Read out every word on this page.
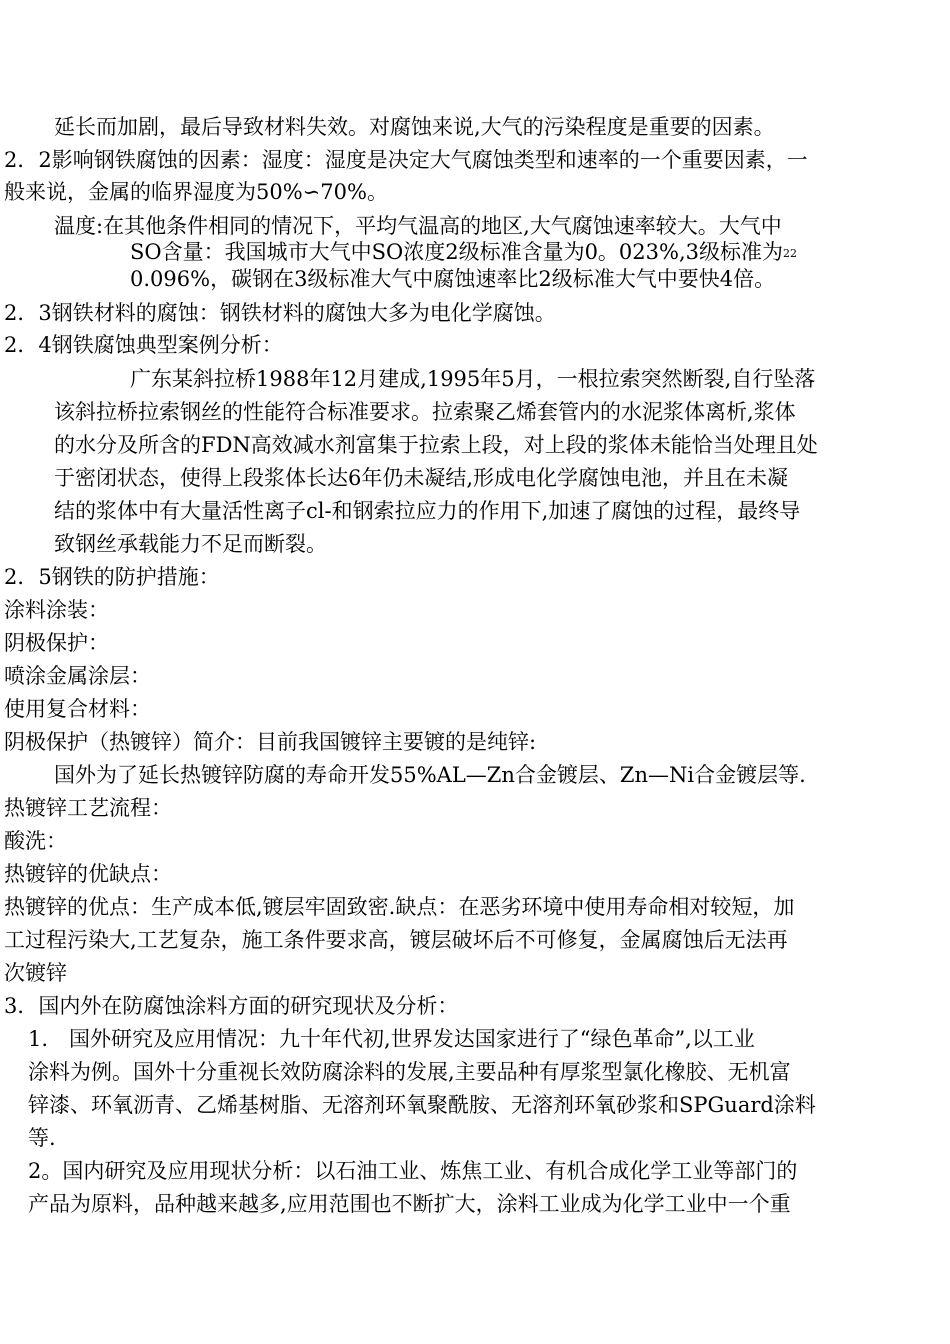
延长而加剧，最后导致材料失效。对腐蚀来说,大气的污染程度是重要的因素。
2．2影响钢铁腐蚀的因素：湿度：湿度是决定大气腐蚀类型和速率的一个重要因素，一
般来说，金属的临界湿度为50%∽70%。
温度:在其他条件相同的情况下，平均气温高的地区,大气腐蚀速率较大。大气中
SO含量：我国城市大气中SO浓度2级标准含量为0。023%,3级标准为22
0.096%，碳钢在3级标准大气中腐蚀速率比2级标准大气中要快4倍。
2．3钢铁材料的腐蚀：钢铁材料的腐蚀大多为电化学腐蚀。
2．4钢铁腐蚀典型案例分析：
广东某斜拉桥1988年12月建成,1995年5月，一根拉索突然断裂,自行坠落
该斜拉桥拉索钢丝的性能符合标准要求。拉索聚乙烯套管内的水泥浆体离析,浆体
的水分及所含的FDN高效减水剂富集于拉索上段，对上段的浆体未能恰当处理且处
于密闭状态，使得上段浆体长达6年仍未凝结,形成电化学腐蚀电池，并且在未凝
结的浆体中有大量活性离子cl-和钢索拉应力的作用下,加速了腐蚀的过程，最终导
致钢丝承载能力不足而断裂。
2．5钢铁的防护措施：
涂料涂装：
阴极保护：
喷涂金属涂层：
使用复合材料：
阴极保护（热镀锌）简介：目前我国镀锌主要镀的是纯锌:
国外为了延长热镀锌防腐的寿命开发55%AL—Zn合金镀层、Zn—Ni合金镀层等.
热镀锌工艺流程：
酸洗：
热镀锌的优缺点：
热镀锌的优点：生产成本低,镀层牢固致密.缺点：在恶劣环境中使用寿命相对较短，加
工过程污染大,工艺复杂，施工条件要求高，镀层破坏后不可修复，金属腐蚀后无法再
次镀锌
3．国内外在防腐蚀涂料方面的研究现状及分析：
1.　国外研究及应用情况：九十年代初,世界发达国家进行了“绿色革命”,以工业
涂料为例。国外十分重视长效防腐涂料的发展,主要品种有厚浆型氯化橡胶、无机富
锌漆、环氧沥青、乙烯基树脂、无溶剂环氧聚酰胺、无溶剂环氧砂浆和SPGuard涂料
等.
2。国内研究及应用现状分析：以石油工业、炼焦工业、有机合成化学工业等部门的
产品为原料，品种越来越多,应用范围也不断扩大，涂料工业成为化学工业中一个重
